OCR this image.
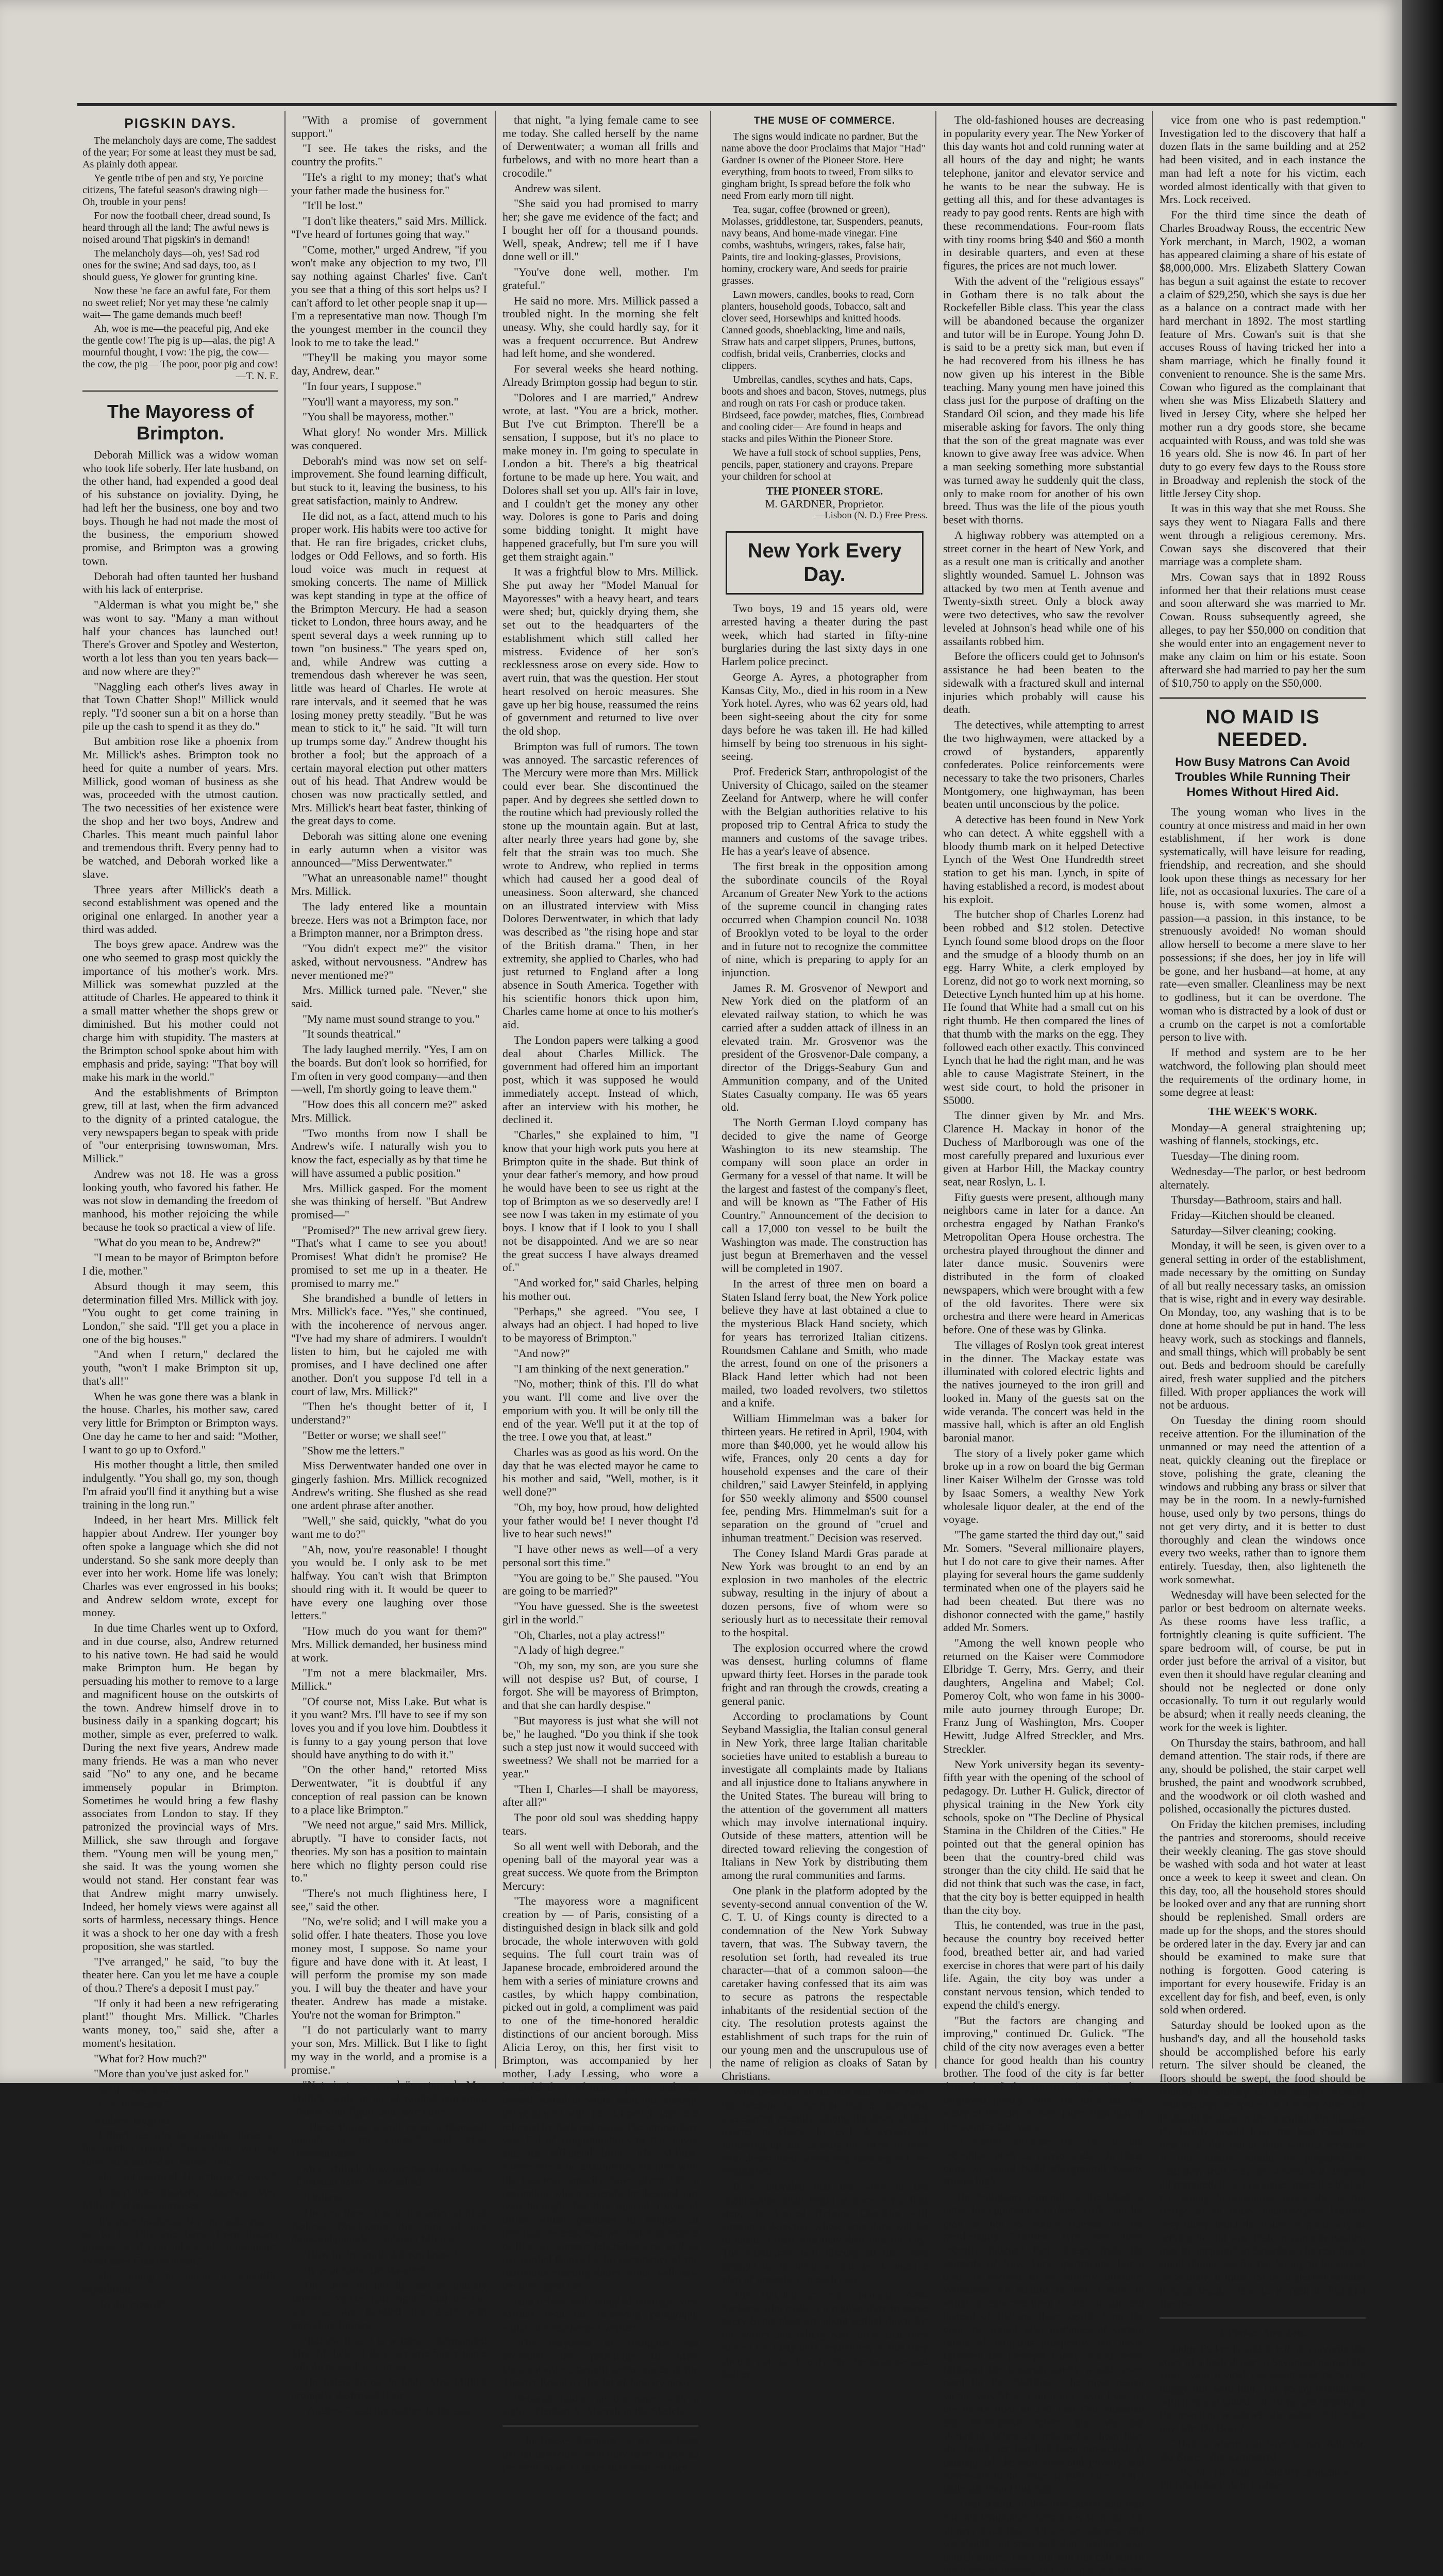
PIGSKIN DAYS.

The melancholy days are come, The saddest of the year; For some at least they must be sad, As plainly doth appear.

Ye gentle tribe of pen and sty, Ye porcine citizens, The fateful season's drawing nigh— Oh, trouble in your pens!

For now the football cheer, dread sound, Is heard through all the land; The awful news is noised around That pigskin's in demand!

The melancholy days—oh, yes! Sad rod ones for the swine; And sad days, too, as I should guess, Ye glower for grunting kine.

Now these 'ne face an awful fate, For them no sweet relief; Nor yet may these 'ne calmly wait— The game demands much beef!

Ah, woe is me—the peaceful pig, And eke the gentle cow! The pig is up—alas, the pig! A mournful thought, I vow: The pig, the cow—the cow, the pig— The poor, poor pig and cow!

—T. N. E.
The Mayoress of Brimpton.

Deborah Millick was a widow woman who took life soberly. Her late husband, on the other hand, had expended a good deal of his substance on joviality. Dying, he had left her the business, one boy and two boys. Though he had not made the most of the business, the emporium showed promise, and Brimpton was a growing town.

Deborah had often taunted her husband with his lack of enterprise.

"Alderman is what you might be," she was wont to say. "Many a man without half your chances has launched out! There's Grover and Spotley and Westerton, worth a lot less than you ten years back—and now where are they?"

"Naggling each other's lives away in that Town Chatter Shop!" Millick would reply. "I'd sooner sun a bit on a horse than pile up the cash to spend it as they do."

But ambition rose like a phoenix from Mr. Millick's ashes. Brimpton took no heed for quite a number of years. Mrs. Millick, good woman of business as she was, proceeded with the utmost caution. The two necessities of her existence were the shop and her two boys, Andrew and Charles. This meant much painful labor and tremendous thrift. Every penny had to be watched, and Deborah worked like a slave.

Three years after Millick's death a second establishment was opened and the original one enlarged. In another year a third was added.

The boys grew apace. Andrew was the one who seemed to grasp most quickly the importance of his mother's work. Mrs. Millick was somewhat puzzled at the attitude of Charles. He appeared to think it a small matter whether the shops grew or diminished. But his mother could not charge him with stupidity. The masters at the Brimpton school spoke about him with emphasis and pride, saying: "That boy will make his mark in the world."

And the establishments of Brimpton grew, till at last, when the firm advanced to the dignity of a printed catalogue, the very newspapers began to speak with pride of "our enterprising townswoman, Mrs. Millick."

Andrew was not 18. He was a gross looking youth, who favored his father. He was not slow in demanding the freedom of manhood, his mother rejoicing the while because he took so practical a view of life.

"What do you mean to be, Andrew?"

"I mean to be mayor of Brimpton before I die, mother."

Absurd though it may seem, this determination filled Mrs. Millick with joy. "You ought to get come training in London," she said. "I'll get you a place in one of the big houses."

"And when I return," declared the youth, "won't I make Brimpton sit up, that's all!"

When he was gone there was a blank in the house. Charles, his mother saw, cared very little for Brimpton or Brimpton ways. One day he came to her and said: "Mother, I want to go up to Oxford."

His mother thought a little, then smiled indulgently. "You shall go, my son, though I'm afraid you'll find it anything but a wise training in the long run."

Indeed, in her heart Mrs. Millick felt happier about Andrew. Her younger boy often spoke a language which she did not understand. So she sank more deeply than ever into her work. Home life was lonely; Charles was ever engrossed in his books; and Andrew seldom wrote, except for money.

In due time Charles went up to Oxford, and in due course, also, Andrew returned to his native town. He had said he would make Brimpton hum. He began by persuading his mother to remove to a large and magnificent house on the outskirts of the town. Andrew himself drove in to business daily in a spanking dogcart; his mother, simple as ever, preferred to walk. During the next five years, Andrew made many friends. He was a man who never said "No" to any one, and he became immensely popular in Brimpton. Sometimes he would bring a few flashy associates from London to stay. If they patronized the provincial ways of Mrs. Millick, she saw through and forgave them. "Young men will be young men," she said. It was the young women she would not stand. Her constant fear was that Andrew might marry unwisely. Indeed, her homely views were against all sorts of harmless, necessary things. Hence it was a shock to her one day with a fresh proposition, she was startled.

"I've arranged," he said, "to buy the theater here. Can you let me have a couple of thou.? There's a deposit I must pay."

"If only it had been a new refrigerating plant!" thought Mrs. Millick. "Charles wants money, too," said she, after a moment's hesitation.

"What for? How much?"

"More than you've just asked for."

"Well! How much?"

"Five thousand."

Andrew laughed.

"I don't see why he shouldn't have it," his mother replied. "He's done well up there; he's carried all before him."

"He's not practical. He'll throw it away."

"I don't like theaters," observed Mrs. Millick, at cross purposes.

"It's pure business. No one asks you to go to it. This one horse town doesn't possess a decent place of amusement. What does Charles mean?"

"He's going to equip a scientific expedition."

"To the moon?"

"With a promise of government support."

"I see. He takes the risks, and the country the profits."

"He's a right to my money; that's what your father made the business for."

"It'll be lost."

"I don't like theaters," said Mrs. Millick. "I've heard of fortunes going that way."

"Come, mother," urged Andrew, "if you won't make any objection to my two, I'll say nothing against Charles' five. Can't you see that a thing of this sort helps us? I can't afford to let other people snap it up—I'm a representative man now. Though I'm the youngest member in the council they look to me to take the lead."

"They'll be making you mayor some day, Andrew, dear."

"In four years, I suppose."

"You'll want a mayoress, my son."

"You shall be mayoress, mother."

What glory! No wonder Mrs. Millick was conquered.

Deborah's mind was now set on self-improvement. She found learning difficult, but stuck to it, leaving the business, to his great satisfaction, mainly to Andrew.

He did not, as a fact, attend much to his proper work. His habits were too active for that. He ran fire brigades, cricket clubs, lodges or Odd Fellows, and so forth. His loud voice was much in request at smoking concerts. The name of Millick was kept standing in type at the office of the Brimpton Mercury. He had a season ticket to London, three hours away, and he spent several days a week running up to town "on business." The years sped on, and, while Andrew was cutting a tremendous dash wherever he was seen, little was heard of Charles. He wrote at rare intervals, and it seemed that he was losing money pretty steadily. "But he was mean to stick to it," he said. "It will turn up trumps some day." Andrew thought his brother a fool; but the approach of a certain mayoral election put other matters out of his head. That Andrew would be chosen was now practically settled, and Mrs. Millick's heart beat faster, thinking of the great days to come.

Deborah was sitting alone one evening in early autumn when a visitor was announced—"Miss Derwentwater."

"What an unreasonable name!" thought Mrs. Millick.

The lady entered like a mountain breeze. Hers was not a Brimpton face, nor a Brimpton manner, nor a Brimpton dress.

"You didn't expect me?" the visitor asked, without nervousness. "Andrew has never mentioned me?"

Mrs. Millick turned pale. "Never," she said.

"My name must sound strange to you."

"It sounds theatrical."

The lady laughed merrily. "Yes, I am on the boards. But don't look so horrified, for I'm often in very good company—and then—well, I'm shortly going to leave them."

"How does this all concern me?" asked Mrs. Millick.

"Two months from now I shall be Andrew's wife. I naturally wish you to know the fact, especially as by that time he will have assumed a public position."

Mrs. Millick gasped. For the moment she was thinking of herself. "But Andrew promised—"

"Promised?" The new arrival grew fiery. "That's what I came to see you about! Promises! What didn't he promise? He promised to set me up in a theater. He promised to marry me."

She brandished a bundle of letters in Mrs. Millick's face. "Yes," she continued, with the incoherence of nervous anger. "I've had my share of admirers. I wouldn't listen to him, but he cajoled me with promises, and I have declined one after another. Don't you suppose I'd tell in a court of law, Mrs. Millick?"

"Then he's thought better of it, I understand?"

"Better or worse; we shall see!"

"Show me the letters."

Miss Derwentwater handed one over in gingerly fashion. Mrs. Millick recognized Andrew's writing. She flushed as she read one ardent phrase after another.

"Well," she said, quickly, "what do you want me to do?"

"Ah, now, you're reasonable! I thought you would be. I only ask to be met halfway. You can't wish that Brimpton should ring with it. It would be queer to have every one laughing over those letters."

"How much do you want for them?" Mrs. Millick demanded, her business mind at work.

"I'm not a mere blackmailer, Mrs. Millick."

"Of course not, Miss Lake. But what is it you want? Mrs. I'll have to see if my son loves you and if you love him. Doubtless it is funny to a gay young person that love should have anything to do with it."

"On the other hand," retorted Miss Derwentwater, "it is doubtful if any conception of real passion can be known to a place like Brimpton."

"We need not argue," said Mrs. Millick, abruptly. "I have to consider facts, not theories. My son has a position to maintain here which no flighty person could rise to."

"There's not much flightiness here, I see," said the other.

"No, we're solid; and I will make you a solid offer. I hate theaters. Those you love money most, I suppose. So name your figure and have done with it. At least, I will perform the promise my son made you. I will buy the theater and have your theater. Andrew has made a mistake. You're not the woman for Brimpton."

"I do not particularly want to marry your son, Mrs. Millick. But I like to fight my way in the world, and a promise is a promise."

"Not just so much," returned Mrs. Millick, with an air of exalted contempt. "Name your figure and have done."

"These things would mean a thousand pounds in the courts," said Miss Derwentwater.

Mrs. Millick drew out her check book. "Christian name?" she asked.

"Dolores."

The pen flew. "Pay to the order of Miss Dolores Drinkwater the sum of one thousand pounds—Deborah Millick."

"How in the world did you know?"

"Is your name Drinkwater?"

The other bit her lip, but as quickly smiled. "You're quite right," said the fair one, as she handled the draft with trembling fingers.

"Indorse it as it is written," commanded Mrs. Millick. "I dare say one fancy name will do as well as another."

The letters lay on the table. Mrs. Millick promptly destroyed them.

"Andrew," said the mother to the son

that night, "a lying female came to see me today. She called herself by the name of Derwentwater; a woman all frills and furbelows, and with no more heart than a crocodile."

Andrew was silent.

"She said you had promised to marry her; she gave me evidence of the fact; and I bought her off for a thousand pounds. Well, speak, Andrew; tell me if I have done well or ill."

"You've done well, mother. I'm grateful."

He said no more. Mrs. Millick passed a troubled night. In the morning she felt uneasy. Why, she could hardly say, for it was a frequent occurrence. But Andrew had left home, and she wondered.

For several weeks she heard nothing. Already Brimpton gossip had begun to stir.

"Dolores and I are married," Andrew wrote, at last. "You are a brick, mother. But I've cut Brimpton. There'll be a sensation, I suppose, but it's no place to make money in. I'm going to speculate in London a bit. There's a big theatrical fortune to be made up here. You wait, and Dolores shall set you up. All's fair in love, and I couldn't get the money any other way. Dolores is gone to Paris and doing some bidding tonight. It might have happened gracefully, but I'm sure you will get them straight again."

It was a frightful blow to Mrs. Millick. She put away her "Model Manual for Mayoresses" with a heavy heart, and tears were shed; but, quickly drying them, she set out to the headquarters of the establishment which still called her mistress. Evidence of her son's recklessness arose on every side. How to avert ruin, that was the question. Her stout heart resolved on heroic measures. She gave up her big house, reassumed the reins of government and returned to live over the old shop.

Brimpton was full of rumors. The town was annoyed. The sarcastic references of The Mercury were more than Mrs. Millick could ever bear. She discontinued the paper. And by degrees she settled down to the routine which had previously rolled the stone up the mountain again. But at last, after nearly three years had gone by, she felt that the strain was too much. She wrote to Andrew, who replied in terms which had caused her a good deal of uneasiness. Soon afterward, she chanced on an illustrated interview with Miss Dolores Derwentwater, in which that lady was described as "the rising hope and star of the British drama." Then, in her extremity, she applied to Charles, who had just returned to England after a long absence in South America. Together with his scientific honors thick upon him, Charles came home at once to his mother's aid.

The London papers were talking a good deal about Charles Millick. The government had offered him an important post, which it was supposed he would immediately accept. Instead of which, after an interview with his mother, he declined it.

"Charles," she explained to him, "I know that your high work puts you here at Brimpton quite in the shade. But think of your dear father's memory, and how proud he would have been to see us right at the top of Brimpton as we so deservedly are! I see now I was taken in my estimate of you boys. I know that if I look to you I shall not be disappointed. And we are so near the great success I have always dreamed of."

"And worked for," said Charles, helping his mother out.

"Perhaps," she agreed. "You see, I always had an object. I had hoped to live to be mayoress of Brimpton."

"And now?"

"I am thinking of the next generation."

"No, mother; think of this. I'll do what you want. I'll come and live over the emporium with you. It will be only till the end of the year. We'll put it at the top of the tree. I owe you that, at least."

Charles was as good as his word. On the day that he was elected mayor he came to his mother and said, "Well, mother, is it well done?"

"Oh, my boy, how proud, how delighted your father would be! I never thought I'd live to hear such news!"

"I have other news as well—of a very personal sort this time."

"You are going to be." She paused. "You are going to be married?"

"You have guessed. She is the sweetest girl in the world."

"Oh, Charles, not a play actress!"

"A lady of high degree."

"Oh, my son, my son, are you sure she will not despise us? But, of course, I forgot. She will be mayoress of Brimpton, and that she can hardly despise."

"But mayoress is just what she will not be," he laughed. "Do you think if she took such a step just now it would succeed with sweetness? We shall not be married for a year."

"Then I, Charles—I shall be mayoress, after all?"

The poor old soul was shedding happy tears.

So all went well with Deborah, and the opening ball of the mayoral year was a great success. We quote from the Brimpton Mercury:

"The mayoress wore a magnificent creation by — of Paris, consisting of a distinguished design in black silk and gold brocade, the whole interwoven with gold sequins. The full court train was of Japanese brocade, embroidered around the hem with a series of miniature crowns and castles, by which happy combination, picked out in gold, a compliment was paid to one of the time-honored heraldic distinctions of our ancient borough. Miss Alicia Leroy, on this, her first visit to Brimpton, was accompanied by her mother, Lady Lessing, who wore a beautiful dress of mauve panne, and was herself attired in white satin, the corsage being draped with rare Limerick lace and relieved by dark red roses. The atmosphere was full of congratulations to the mayor and his affianced bride. Mr. Millick, whose scientific attainments, coupled with his business capacity, have given him a reputation which extends far beyond our own borough, has thus opened a year of office which promises to eclipse all previous records, and we desire to extend to him our sincere felicitations as well as our cordial thanks for his acceptance of the numerous exacting duties which will now devolve upon him."

And below, with mingled feelings, Mrs. Millick read the following paragraph, which she had herself written:

"The mayoress of Brimpton has accorded her patronage to Miss Derwentwater's benefit performance at the Theater Royal on the 1st of January next."

Deborah folded up the paper with a sigh.—Herbert A. Morrah in the Sketch.

—In Hesse, Germany, a tax has been put on bachelors, who now have to pay 25 per cent. more in taxes than married men.

THE MUSE OF COMMERCE.

The signs would indicate no pardner, But the name above the door Proclaims that Major "Had" Gardner Is owner of the Pioneer Store. Here everything, from boots to tweed, From silks to gingham bright, Is spread before the folk who need From early morn till night.

Tea, sugar, coffee (browned or green), Molasses, griddlestone, tar, Suspenders, peanuts, navy beans, And home-made vinegar. Fine combs, washtubs, wringers, rakes, false hair, Paints, tire and looking-glasses, Provisions, hominy, crockery ware, And seeds for prairie grasses.

Lawn mowers, candles, books to read, Corn planters, household goods, Tobacco, salt and clover seed, Horsewhips and knitted hoods. Canned goods, shoeblacking, lime and nails, Straw hats and carpet slippers, Prunes, buttons, codfish, bridal veils, Cranberries, clocks and clippers.

Umbrellas, candles, scythes and hats, Caps, boots and shoes and bacon, Stoves, nutmegs, plus and rough on rats For cash or produce taken. Birdseed, face powder, matches, flies, Cornbread and cooling cider— Are found in heaps and stacks and piles Within the Pioneer Store.

We have a full stock of school supplies, Pens, pencils, paper, stationery and crayons. Prepare your children for school at

THE PIONEER STORE.
M. GARDNER, Proprietor.
—Lisbon (N. D.) Free Press.
New York Every Day.

Two boys, 19 and 15 years old, were arrested having a theater during the past week, which had started in fifty-nine burglaries during the last sixty days in one Harlem police precinct.

George A. Ayres, a photographer from Kansas City, Mo., died in his room in a New York hotel. Ayres, who was 62 years old, had been sight-seeing about the city for some days before he was taken ill. He had killed himself by being too strenuous in his sight-seeing.

Prof. Frederick Starr, anthropologist of the University of Chicago, sailed on the steamer Zeeland for Antwerp, where he will confer with the Belgian authorities relative to his proposed trip to Central Africa to study the manners and customs of the savage tribes. He has a year's leave of absence.

The first break in the opposition among the subordinate councils of the Royal Arcanum of Greater New York to the actions of the supreme council in changing rates occurred when Champion council No. 1038 of Brooklyn voted to be loyal to the order and in future not to recognize the committee of nine, which is preparing to apply for an injunction.

James R. M. Grosvenor of Newport and New York died on the platform of an elevated railway station, to which he was carried after a sudden attack of illness in an elevated train. Mr. Grosvenor was the president of the Grosvenor-Dale company, a director of the Driggs-Seabury Gun and Ammunition company, and of the United States Casualty company. He was 65 years old.

The North German Lloyd company has decided to give the name of George Washington to its new steamship. The company will soon place an order in Germany for a vessel of that name. It will be the largest and fastest of the company's fleet, and will be known as "The Father of His Country." Announcement of the decision to call a 17,000 ton vessel to be built the Washington was made. The construction has just begun at Bremerhaven and the vessel will be completed in 1907.

In the arrest of three men on board a Staten Island ferry boat, the New York police believe they have at last obtained a clue to the mysterious Black Hand society, which for years has terrorized Italian citizens. Roundsmen Cahlane and Smith, who made the arrest, found on one of the prisoners a Black Hand letter which had not been mailed, two loaded revolvers, two stilettos and a knife.

William Himmelman was a baker for thirteen years. He retired in April, 1904, with more than $40,000, yet he would allow his wife, Frances, only 20 cents a day for household expenses and the care of their children," said Lawyer Steinfeld, in applying for $50 weekly alimony and $500 counsel fee, pending Mrs. Himmelman's suit for a separation on the ground of "cruel and inhuman treatment." Decision was reserved.

The Coney Island Mardi Gras parade at New York was brought to an end by an explosion in two manholes of the electric subway, resulting in the injury of about a dozen persons, five of whom were so seriously hurt as to necessitate their removal to the hospital.

The explosion occurred where the crowd was densest, hurling columns of flame upward thirty feet. Horses in the parade took fright and ran through the crowds, creating a general panic.

According to proclamations by Count Seyband Massiglia, the Italian consul general in New York, three large Italian charitable societies have united to establish a bureau to investigate all complaints made by Italians and all injustice done to Italians anywhere in the United States. The bureau will bring to the attention of the government all matters which may involve international inquiry. Outside of these matters, attention will be directed toward relieving the congestion of Italians in New York by distributing them among the rural communities and farms.

One plank in the platform adopted by the seventy-second annual convention of the W. C. T. U. of Kings county is directed to a condemnation of the New York Subway tavern, that was. The Subway tavern, the resolution set forth, had revealed its true character—that of a common saloon—the caretaker having confessed that its aim was to secure as patrons the respectable inhabitants of the residential section of the city. The resolution protests against the establishment of such traps for the ruin of our young men and the unscrupulous use of the name of religion as cloaks of Satan by Christians.

Wife desertion on the east side, New York, has become so common that a movement was started recently among the Jews of that quarter to check the evil. A system of following up and causing the arrest of men who desert their wives and families will be established.

It is intended that the work of the organization shall begin at once. As a first step, the United Hebrew Charities will appoint a detective whose sole duty will be to locate a man who may drift into the city. The committee will discuss all the cases brought to its attention and decide upon a plan of procedure in each case.

The 100,000 or more nomadic New Yorkers, who make it a regular duty to move every September, are about settled down for the winter and telling each other that they moved too early next September, or that they should not do it, only for the expense and bother.

The old-fashioned houses are decreasing in popularity every year. The New Yorker of this day wants hot and cold running water at all hours of the day and night; he wants telephone, janitor and elevator service and he wants to be near the subway. He is getting all this, and for these advantages is ready to pay good rents. Rents are high with these recommendations. Four-room flats with tiny rooms bring $40 and $60 a month in desirable quarters, and even at these figures, the prices are not much lower.

With the advent of the "religious essays" in Gotham there is no talk about the Rockefeller Bible class. This year the class will be abandoned because the organizer and tutor will be in Europe. Young John D. is said to be a pretty sick man, but even if he had recovered from his illness he has now given up his interest in the Bible teaching. Many young men have joined this class just for the purpose of drafting on the Standard Oil scion, and they made his life miserable asking for favors. The only thing that the son of the great magnate was ever known to give away free was advice. When a man seeking something more substantial was turned away he suddenly quit the class, only to make room for another of his own breed. Thus was the life of the pious youth beset with thorns.

A highway robbery was attempted on a street corner in the heart of New York, and as a result one man is critically and another slightly wounded. Samuel L. Johnson was attacked by two men at Tenth avenue and Twenty-sixth street. Only a block away were two detectives, who saw the revolver leveled at Johnson's head while one of his assailants robbed him.

Before the officers could get to Johnson's assistance he had been beaten to the sidewalk with a fractured skull and internal injuries which probably will cause his death.

The detectives, while attempting to arrest the two highwaymen, were attacked by a crowd of bystanders, apparently confederates. Police reinforcements were necessary to take the two prisoners, Charles Montgomery, one highwayman, has been beaten until unconscious by the police.

A detective has been found in New York who can detect. A white eggshell with a bloody thumb mark on it helped Detective Lynch of the West One Hundredth street station to get his man. Lynch, in spite of having established a record, is modest about his exploit.

The butcher shop of Charles Lorenz had been robbed and $12 stolen. Detective Lynch found some blood drops on the floor and the smudge of a bloody thumb on an egg. Harry White, a clerk employed by Lorenz, did not go to work next morning, so Detective Lynch hunted him up at his home. He found that White had a small cut on his right thumb. He then compared the lines of that thumb with the marks on the egg. They followed each other exactly. This convinced Lynch that he had the right man, and he was able to cause Magistrate Steinert, in the west side court, to hold the prisoner in $5000.

The dinner given by Mr. and Mrs. Clarence H. Mackay in honor of the Duchess of Marlborough was one of the most carefully prepared and luxurious ever given at Harbor Hill, the Mackay country seat, near Roslyn, L. I.

Fifty guests were present, although many neighbors came in later for a dance. An orchestra engaged by Nathan Franko's Metropolitan Opera House orchestra. The orchestra played throughout the dinner and later dance music. Souvenirs were distributed in the form of cloaked newspapers, which were brought with a few of the old favorites. There were six orchestra and there were heard in Americas before. One of these was by Glinka.

The villages of Roslyn took great interest in the dinner. The Mackay estate was illuminated with colored electric lights and the natives journeyed to the iron grill and looked in. Many of the guests sat on the wide veranda. The concert was held in the massive hall, which is after an old English baronial manor.

The story of a lively poker game which broke up in a row on board the big German liner Kaiser Wilhelm der Grosse was told by Isaac Somers, a wealthy New York wholesale liquor dealer, at the end of the voyage.

"The game started the third day out," said Mr. Somers. "Several millionaire players, but I do not care to give their names. After playing for several hours the game suddenly terminated when one of the players said he had been cheated. But there was no dishonor connected with the game," hastily added Mr. Somers.

"Among the well known people who returned on the Kaiser were Commodore Elbridge T. Gerry, Mrs. Gerry, and their daughters, Angelina and Mabel; Col. Pomeroy Colt, who won fame in his 3000-mile auto journey through Europe; Dr. Franz Jung of Washington, Mrs. Cooper Hewitt, Judge Alfred Streckler, and Mrs. Streckler.

New York university began its seventy-fifth year with the opening of the school of pedagogy. Dr. Luther H. Gulick, director of physical training in the New York city schools, spoke on "The Decline of Physical Stamina in the Children of the Cities." He pointed out that the general opinion has been that the country-bred child was stronger than the city child. He said that he did not think that such was the case, in fact, that the city boy is better equipped in health than the city boy.

This, he contended, was true in the past, because the country boy received better food, breathed better air, and had varied exercise in chores that were part of his daily life. Again, the city boy was under a constant nervous tension, which tended to expend the child's energy.

"But the factors are changing and improving," continued Dr. Gulick. "The child of the city now averages even a better chance for good health than his country brother. The food of the city is far better than that of the country, inspection has improved greatly. Now the milk and the water of the city is even purer than that of the country barnyard.

"I would advocate the use of our recreation piers as playgrounds. On these piers we could build playgrounds twenty stories high."

The "religious criminal" is the latest to make his appearance in New York, and his plan is not to entice thieves of the gentlemanly "Raffles" type who have recently fattened their purses from the contents of New York apartments. For a time he seemed to be entirely immune. Whenever his victims he left a note, in which he exhorted them to shun all sin, and instead of filching their wealth from the poor, he would give instances of certain forms of religious prosperity, but never followed the precepts surely would never followed the precepts surely would never need for the "Raffles." The most recent victim was Mrs. Aline Lock, who lives on the fourth floor of 230 East One Hundred and Seventeenth street. She was out shopping. When she returned an hour later she found her flat had been ransacked. A package of skeleton keys and jewelry and silverware to the value of $400 taken. On a table she found this note:

"Dear friend: Follow this advice and lead not into temptation; keep away from sin; for sinners must lose. All we are sinners, and we should not steal and don't neglect your church duties. The Lord will not call you to his home in heaven, but will put you in the

vice from one who is past redemption." Investigation led to the discovery that half a dozen flats in the same building and at 252 had been visited, and in each instance the man had left a note for his victim, each worded almost identically with that given to Mrs. Lock received.

For the third time since the death of Charles Broadway Rouss, the eccentric New York merchant, in March, 1902, a woman has appeared claiming a share of his estate of $8,000,000. Mrs. Elizabeth Slattery Cowan has begun a suit against the estate to recover a claim of $29,250, which she says is due her as a balance on a contract made with her hard merchant in 1892. The most startling feature of Mrs. Cowan's suit is that she accuses Rouss of having tricked her into a sham marriage, which he finally found it convenient to renounce. She is the same Mrs. Cowan who figured as the complainant that when she was Miss Elizabeth Slattery and lived in Jersey City, where she helped her mother run a dry goods store, she became acquainted with Rouss, and was told she was 16 years old. She is now 46. In part of her duty to go every few days to the Rouss store in Broadway and replenish the stock of the little Jersey City shop.

It was in this way that she met Rouss. She says they went to Niagara Falls and there went through a religious ceremony. Mrs. Cowan says she discovered that their marriage was a complete sham.

Mrs. Cowan says that in 1892 Rouss informed her that their relations must cease and soon afterward she was married to Mr. Cowan. Rouss subsequently agreed, she alleges, to pay her $50,000 on condition that she would enter into an engagement never to make any claim on him or his estate. Soon afterward she had married to pay her the sum of $10,750 to apply on the $50,000.

NO MAID IS NEEDED.
How Busy Matrons Can Avoid Troubles While Running Their Homes Without Hired Aid.

The young woman who lives in the country at once mistress and maid in her own establishment, if her work is done systematically, will have leisure for reading, friendship, and recreation, and she should look upon these things as necessary for her life, not as occasional luxuries. The care of a house is, with some women, almost a passion—a passion, in this instance, to be strenuously avoided! No woman should allow herself to become a mere slave to her possessions; if she does, her joy in life will be gone, and her husband—at home, at any rate—even smaller. Cleanliness may be next to godliness, but it can be overdone. The woman who is distracted by a look of dust or a crumb on the carpet is not a comfortable person to live with.

If method and system are to be her watchword, the following plan should meet the requirements of the ordinary home, in some degree at least:

THE WEEK'S WORK.

Monday—A general straightening up; washing of flannels, stockings, etc.

Tuesday—The dining room.

Wednesday—The parlor, or best bedroom alternately.

Thursday—Bathroom, stairs and hall.

Friday—Kitchen should be cleaned.

Saturday—Silver cleaning; cooking.

Monday, it will be seen, is given over to a general setting in order of the establishment, made necessary by the omitting on Sunday of all but really necessary tasks, an omission that is wise, right and in every way desirable. On Monday, too, any washing that is to be done at home should be put in hand. The less heavy work, such as stockings and flannels, and small things, which will probably be sent out. Beds and bedroom should be carefully aired, fresh water supplied and the pitchers filled. With proper appliances the work will not be arduous.

On Tuesday the dining room should receive attention. For the illumination of the unmanned or may need the attention of a neat, quickly cleaning out the fireplace or stove, polishing the grate, cleaning the windows and rubbing any brass or silver that may be in the room. In a newly-furnished house, used only by two persons, things do not get very dirty, and it is better to dust thoroughly and clean the windows once every two weeks, rather than to ignore them entirely. Tuesday, then, also lighteneth the work somewhat.

Wednesday will have been selected for the parlor or best bedroom on alternate weeks. As these rooms have less traffic, a fortnightly cleaning is quite sufficient. The spare bedroom will, of course, be put in order just before the arrival of a visitor, but even then it should have regular cleaning and should not be neglected or done only occasionally. To turn it out regularly would be absurd; when it really needs cleaning, the work for the week is lighter.

On Thursday the stairs, bathroom, and hall demand attention. The stair rods, if there are any, should be polished, the stair carpet well brushed, the paint and woodwork scrubbed, and the woodwork or oil cloth washed and polished, occasionally the pictures dusted.

On Friday the kitchen premises, including the pantries and storerooms, should receive their weekly cleaning. The gas stove should be washed with soda and hot water at least once a week to keep it sweet and clean. On this day, too, all the household stores should be looked over and any that are running short should be replenished. Small orders are made up for the shops, and the stores should be ordered later in the day. Every jar and can should be examined to make sure that nothing is forgotten. Good catering is important for every housewife. Friday is an excellent day for fish, and beef, even, is only sold when ordered.

Saturday should be looked upon as the husband's day, and all the household tasks should be accomplished before his early return. The silver should be cleaned, the floors should be swept, the food should be cooked for Sunday. On the subject, Sunday cooking may be spoken of. On any other day it should be done in the morning. On Sunday the family should have the best meal, the best of all that can be done without servants. A fine dinner should be prepared on Saturday, fruit may be stewed and desserts all prepared. It is, in a sense, more the trial of the young housekeeper, since she is the refuge of so many housekeepers become very dusty about the house. A good way of serving the old way. Fish, or game or poultry, may be prepared on Saturday. The real fast, a small dinner has for the family to be served on Sunday. It must not be neglected because it is so small.—Jane C. Korson in Pictorial Review.

A Parker Anecdote.

Judge Parker is said to tell as a favorite the story of a hack driver in Savannah named Du Bose, who invited his sweetheart to take a buggy ride with him. The young woman sat with him and talked. Du Bose, and looking at the jewelers' windows, she asked: "Give me pay, Mr. Du Bose?"

"This is where you have to pay toll. Mr. Du Bose," she stammered.

"Oh, Mr. Du Both!" said his companion.—Philadelphia Public Ledger.
